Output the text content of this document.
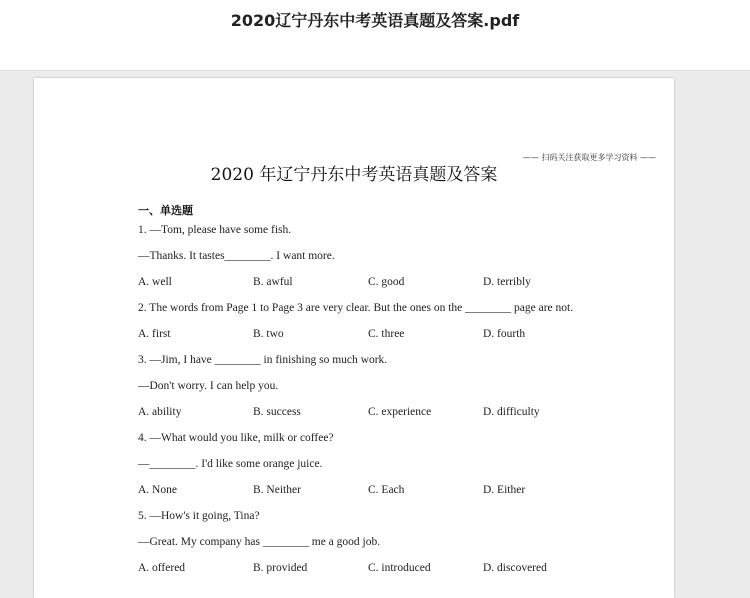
2020辽宁丹东中考英语真题及答案.pdf
—— 扫码关注获取更多学习资料 ——
2020 年辽宁丹东中考英语真题及答案
一、单选题
1. —Tom, please have some fish.
—Thanks. It tastes________. I want more.
A. well	B. awful	C. good	D. terribly
2. The words from Page 1 to Page 3 are very clear. But the ones on the ________ page are not.
A. first	B. two	C. three	D. fourth
3. —Jim, I have ________ in finishing so much work.
—Don't worry. I can help you.
A. ability	B. success	C. experience	D. difficulty
4. —What would you like, milk or coffee?
—________. I'd like some orange juice.
A. None	B. Neither	C. Each	D. Either
5. —How's it going, Tina?
—Great. My company has ________ me a good job.
A. offered	B. provided	C. introduced	D. discovered
